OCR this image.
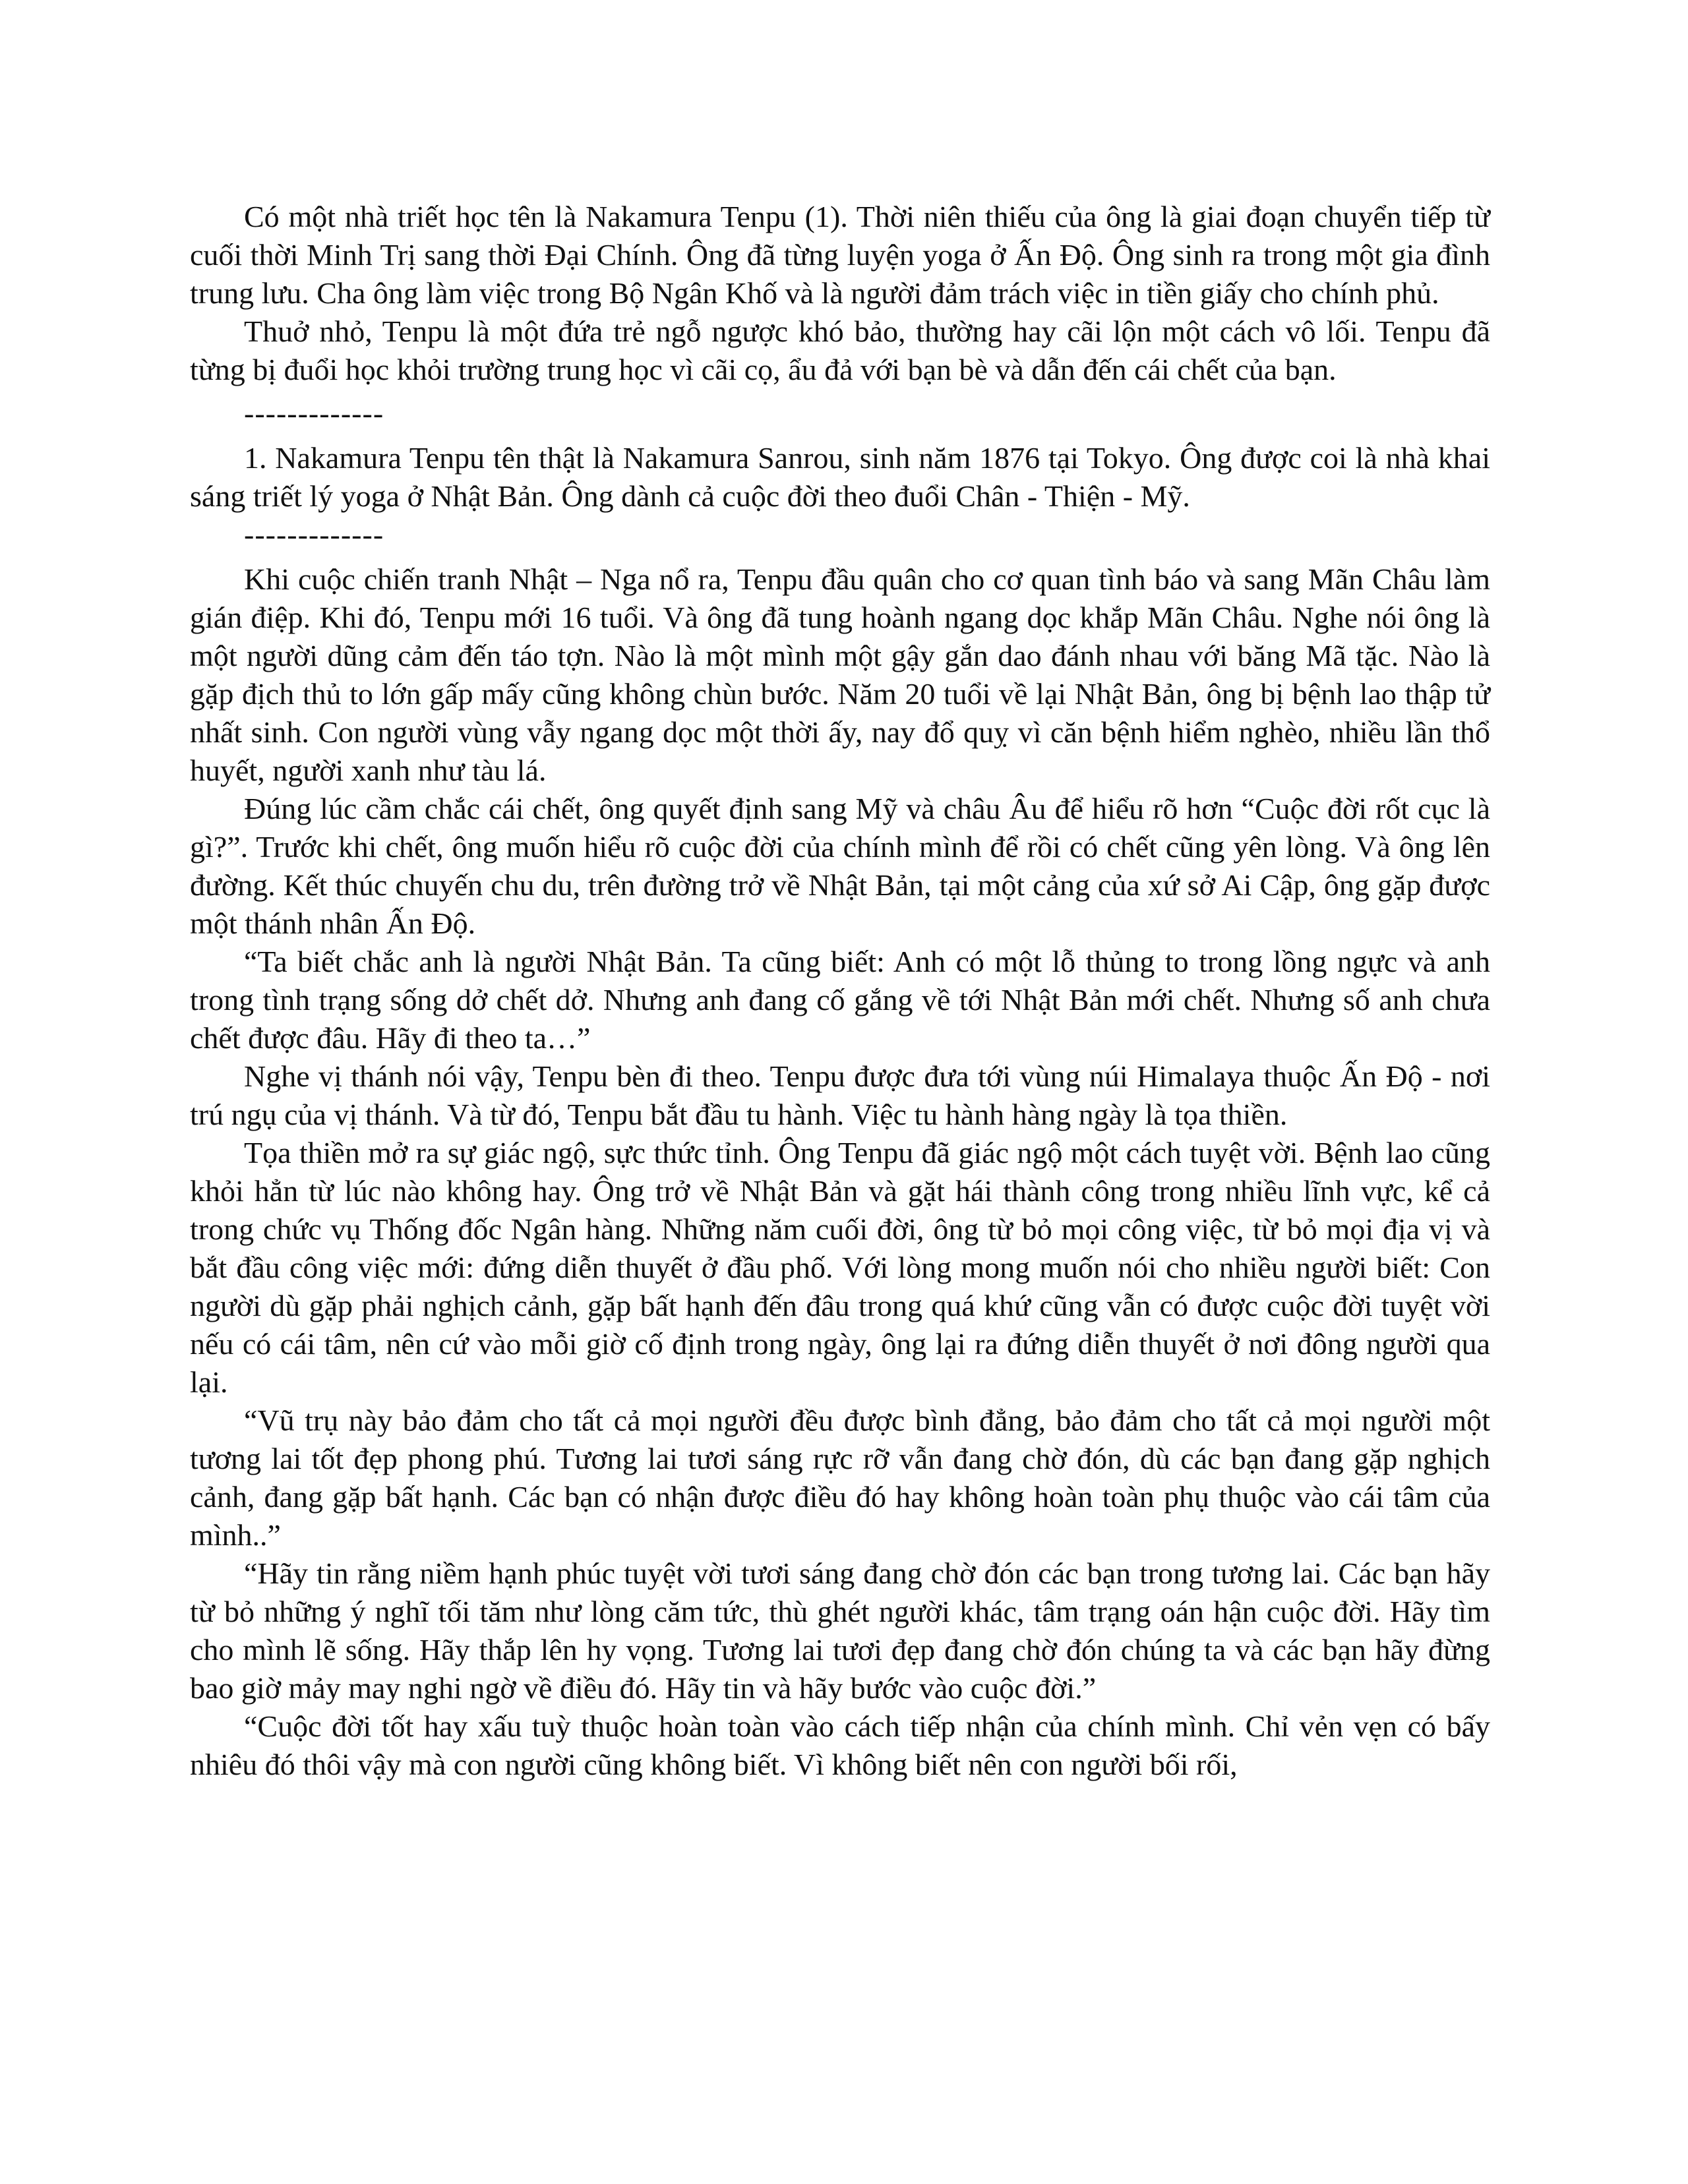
Có một nhà triết học tên là Nakamura Tenpu (1). Thời niên thiếu của ông là giai đoạn chuyển tiếp từ cuối thời Minh Trị sang thời Đại Chính. Ông đã từng luyện yoga ở Ấn Độ. Ông sinh ra trong một gia đình trung lưu. Cha ông làm việc trong Bộ Ngân Khố và là người đảm trách việc in tiền giấy cho chính phủ.

Thuở nhỏ, Tenpu là một đứa trẻ ngỗ ngược khó bảo, thường hay cãi lộn một cách vô lối. Tenpu đã từng bị đuổi học khỏi trường trung học vì cãi cọ, ẩu đả với bạn bè và dẫn đến cái chết của bạn.

-------------

1. Nakamura Tenpu tên thật là Nakamura Sanrou, sinh năm 1876 tại Tokyo. Ông được coi là nhà khai sáng triết lý yoga ở Nhật Bản. Ông dành cả cuộc đời theo đuổi Chân - Thiện - Mỹ.

-------------

Khi cuộc chiến tranh Nhật – Nga nổ ra, Tenpu đầu quân cho cơ quan tình báo và sang Mãn Châu làm gián điệp. Khi đó, Tenpu mới 16 tuổi. Và ông đã tung hoành ngang dọc khắp Mãn Châu. Nghe nói ông là một người dũng cảm đến táo tợn. Nào là một mình một gậy gắn dao đánh nhau với băng Mã tặc. Nào là gặp địch thủ to lớn gấp mấy cũng không chùn bước. Năm 20 tuổi về lại Nhật Bản, ông bị bệnh lao thập tử nhất sinh. Con người vùng vẫy ngang dọc một thời ấy, nay đổ quỵ vì căn bệnh hiểm nghèo, nhiều lần thổ huyết, người xanh như tàu lá.

Đúng lúc cầm chắc cái chết, ông quyết định sang Mỹ và châu Âu để hiểu rõ hơn “Cuộc đời rốt cục là gì?”. Trước khi chết, ông muốn hiểu rõ cuộc đời của chính mình để rồi có chết cũng yên lòng. Và ông lên đường. Kết thúc chuyến chu du, trên đường trở về Nhật Bản, tại một cảng của xứ sở Ai Cập, ông gặp được một thánh nhân Ấn Độ.

“Ta biết chắc anh là người Nhật Bản. Ta cũng biết: Anh có một lỗ thủng to trong lồng ngực và anh trong tình trạng sống dở chết dở. Nhưng anh đang cố gắng về tới Nhật Bản mới chết. Nhưng số anh chưa chết được đâu. Hãy đi theo ta…”

Nghe vị thánh nói vậy, Tenpu bèn đi theo. Tenpu được đưa tới vùng núi Himalaya thuộc Ấn Độ - nơi trú ngụ của vị thánh. Và từ đó, Tenpu bắt đầu tu hành. Việc tu hành hàng ngày là tọa thiền.

Tọa thiền mở ra sự giác ngộ, sực thức tỉnh. Ông Tenpu đã giác ngộ một cách tuyệt vời. Bệnh lao cũng khỏi hẳn từ lúc nào không hay. Ông trở về Nhật Bản và gặt hái thành công trong nhiều lĩnh vực, kể cả trong chức vụ Thống đốc Ngân hàng. Những năm cuối đời, ông từ bỏ mọi công việc, từ bỏ mọi địa vị và bắt đầu công việc mới: đứng diễn thuyết ở đầu phố. Với lòng mong muốn nói cho nhiều người biết: Con người dù gặp phải nghịch cảnh, gặp bất hạnh đến đâu trong quá khứ cũng vẫn có được cuộc đời tuyệt vời nếu có cái tâm, nên cứ vào mỗi giờ cố định trong ngày, ông lại ra đứng diễn thuyết ở nơi đông người qua lại.

“Vũ trụ này bảo đảm cho tất cả mọi người đều được bình đẳng, bảo đảm cho tất cả mọi người một tương lai tốt đẹp phong phú. Tương lai tươi sáng rực rỡ vẫn đang chờ đón, dù các bạn đang gặp nghịch cảnh, đang gặp bất hạnh. Các bạn có nhận được điều đó hay không hoàn toàn phụ thuộc vào cái tâm của mình..”

“Hãy tin rằng niềm hạnh phúc tuyệt vời tươi sáng đang chờ đón các bạn trong tương lai. Các bạn hãy từ bỏ những ý nghĩ tối tăm như lòng căm tức, thù ghét người khác, tâm trạng oán hận cuộc đời. Hãy tìm cho mình lẽ sống. Hãy thắp lên hy vọng. Tương lai tươi đẹp đang chờ đón chúng ta và các bạn hãy đừng bao giờ mảy may nghi ngờ về điều đó. Hãy tin và hãy bước vào cuộc đời.”

“Cuộc đời tốt hay xấu tuỳ thuộc hoàn toàn vào cách tiếp nhận của chính mình. Chỉ vẻn vẹn có bấy nhiêu đó thôi vậy mà con người cũng không biết. Vì không biết nên con người bối rối,
